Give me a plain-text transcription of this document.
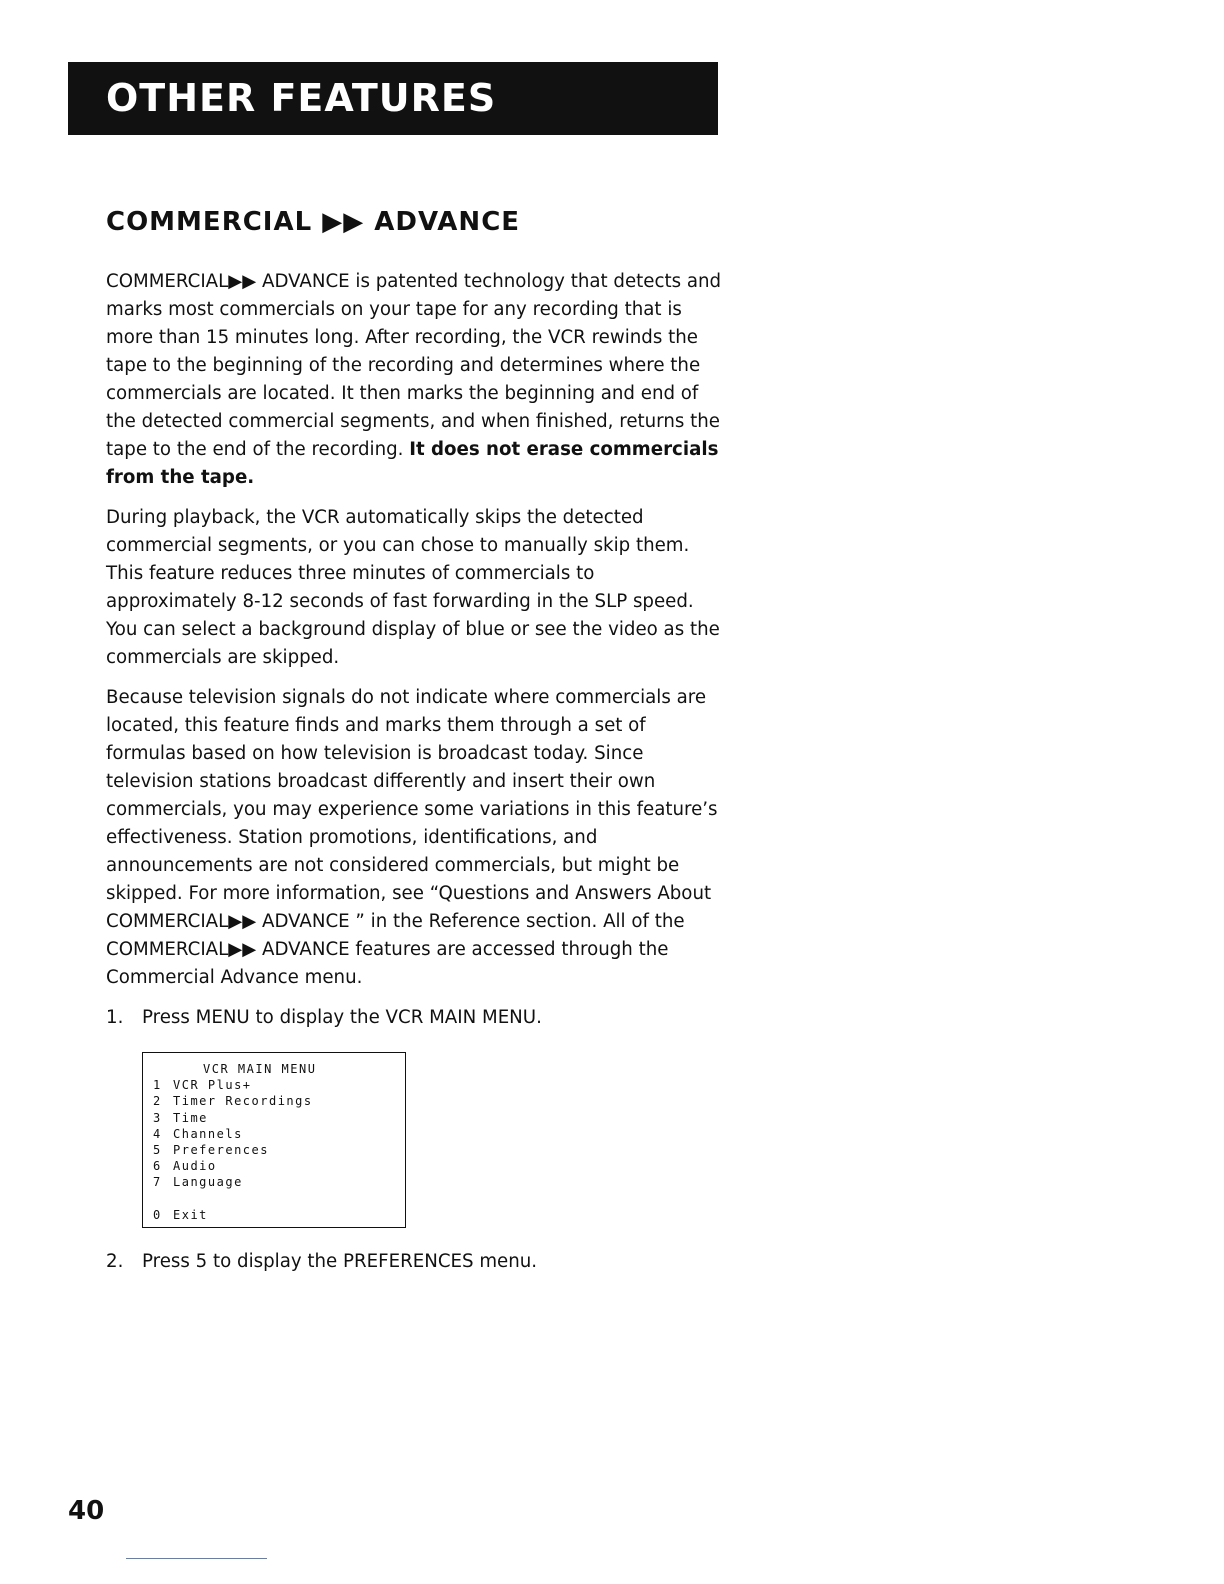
OTHER FEATURES
COMMERCIAL ▶▶ ADVANCE

COMMERCIAL▶▶ ADVANCE is patented technology that detects and marks most commercials on your tape for any recording that is more than 15 minutes long. After recording, the VCR rewinds the tape to the beginning of the recording and determines where the commercials are located. It then marks the beginning and end of the detected commercial segments, and when finished, returns the tape to the end of the recording. It does not erase commercials from the tape.

During playback, the VCR automatically skips the detected commercial segments, or you can chose to manually skip them. This feature reduces three minutes of commercials to approximately 8-12 seconds of fast forwarding in the SLP speed. You can select a background display of blue or see the video as the commercials are skipped.

Because television signals do not indicate where commercials are located, this feature finds and marks them through a set of formulas based on how television is broadcast today. Since television stations broadcast differently and insert their own commercials, you may experience some variations in this feature’s effectiveness. Station promotions, identifications, and announcements are not considered commercials, but might be skipped. For more information, see “Questions and Answers About COMMERCIAL▶▶ ADVANCE ” in the Reference section. All of the COMMERCIAL▶▶ ADVANCE features are accessed through the Commercial Advance menu.

1.	Press MENU to display the VCR MAIN MENU.
VCR MAIN MENU
1 VCR Plus+
2 Timer Recordings
3 Time
4 Channels
5 Preferences
6 Audio
7 Language
0 Exit
2.	Press 5 to display the PREFERENCES menu.
40
